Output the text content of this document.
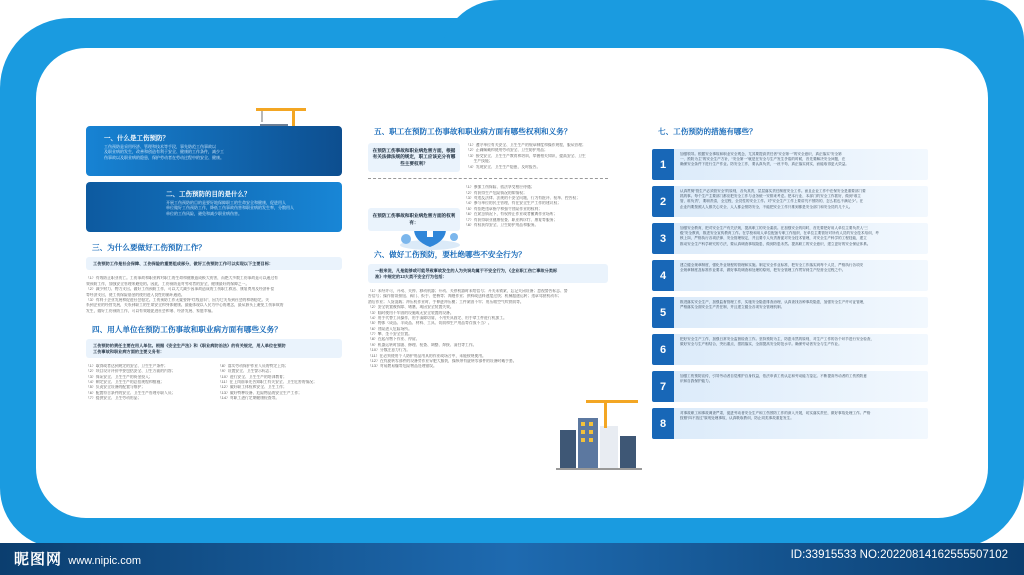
一、什么是工伤预防？
工伤预防是采用经济、管理和技术等手段，事先防范工伤事故以
及职业病的发生，改善和创造有利于安全、健康的工作条件，减少工
伤事故以及职业病的隐患，保护劳动者在劳动过程中的安全、健康。
二、工伤预防的目的是什么？
开展工伤预防的目的是要好地保障职工的生命安全和健康，促进用人
单位做好工伤预防工作，降低工伤事故伤害和职业病的发生率，分散用人
单位的工伤风险，避免和减少职业病伤害。
三、为什么要做好工伤预防工作？
工伤预防工作是社会保障、工伤保险的重要组成部分，做好工伤预防工作可以实现以下主要目标：
（1）有效防止职业伤亡。工伤事故和职业病对职工的生命和健康造成极大伤害，而绝大多数工伤事故是可以通过有
效预防工作，加强安全管理来避免的。因此，工伤预防是对劳动者的安全，健康最好的保障之一。
（2）减少财力、物力支出。做好工伤预防工作，可以大大减少因事故造成的工伤职工救治、康复费用及经济补偿
等经济支出，使工伤保险基金的使用进入良性的循环通道。
（3）有利于企业发展和促进社会稳定。工伤预防工作无疑要将“红线意识”，因为它关系到社会的和谐稳定。关
系到企业的经营发展，关系到职工的生命安全和身体健康。最能体现以人民为中心的理念，最从源头上避免工伤事故的
发生，做好工伤预防工作，可以有效地促进社会和谐、经济发展、家庭幸福。
四、用人单位在预防工伤事故和职业病方面有哪些义务？
工伤预防的责任主要在用人单位。根据《安全生产法》和《职业病防治法》的有关规定，用人单位在预防
工伤事故和职业病方面的主要义务有：
（1）取得或者达到规定的安全、卫生生产条件；
（2）项目设计评价中要包括安全、卫生方面的内容；
（3）保证安全、卫生生产的资金投入；
（4）制定安全、卫生生产的总括规程和措施；
（5）负责安全设备的配置与维护；
（6）配置符合条件的安全、卫生生产管理专职人员；
（7）提供安全、卫生劳动用品；
（8）落实劳动保护作业人员的特定上岗；
（9）设置安全、卫生警示标志；
（10）进行安全、卫生生产的培训教育；
（11）在上岗前事先告知职工有关安全、卫生危害的情况；
（12）做好职工体检和安全、卫生工作；
（13）做好特种设备、危险物品的安全生产工作；
（14）对职工进行定期健康检查等。
五、职工在预防工伤事故和职业病方面有哪些权利和义务？
在预防工伤事故和职业病危害方面，根据有关法律法规的规定，职工应该充分有哪些主要权利？
（1）遵守单位有关安全、卫生生产的规章制度和操作规程，服从管理；
（2）正确佩戴和使用劳动安全、卫生防护用品；
（3）接受安全、卫生生产教育和培训，掌握相关知识，提高安全、卫生
　　生产技能；
（4）发现安全、卫生生产隐患，及时报告。
（1）参加工伤保险、依法享受相应待遇；
（2）有获得生产危险情况的知情权；
（3）对违反法律、法规的不安全问题，行为有批评、检举、控告权；
（4）参与单位的民主管理，有在安全生产工作的建议权；
（5）有拒绝违章指令和强令冒险作业的权利；
（6）在紧急情况下，有权停止作业或者撤离作业场所；
（7）有获得职业健康检查、职业病诊疗、康复等服务；
（8）有权获得安全、卫生防护用品和服务。
在预防工伤事故和职业病危害方面的权利有：
六、做好工伤预防，要杜绝哪些不安全行为？
一般来说，凡是能够或可能导致事故发生的人为失误均属于不安全行为，《企业职工伤亡事故分类标
准》中规定的13大类不安全行为包括：
（1）未经许可，开动、关停、移动机器；开动、关停机器时未给信号；开关未锁紧，忘记关闭设备；忽视警告标志、警
告信号；操作错误按钮、阀门、扳手、把柄等；奔跑作业；供料或送料速度过快；机械超速运转；违章驾驶机动车；
酒后作业；人货混载；冲压机作业时，手伸进冲压模；工件紧固不牢；用压缩空气吹铁屑等。
（2）安全装置被拆除、堵塞，或因安全装置失效。
（3）临时使用不牢固的设施或无安全装置的设备。
（4）用手代替工具操作，用手清除切屑，不用夹具固定、用手拿工件进行机加工。
（5）物体（成品、半成品、材料、工具、切屑和生产用品等存放不当）。
（6）冒险进入危险场所。
（7）攀、坐不安全位置。
（8）在起吊物下作业、停留。
（9）机器运转时加油、修理、检查、调整、焊接、清扫等工作。
（10）分散注意力行为。
（11）在必须使用个人防护用品用具的作业或场合中，未能按规使用。
（12）在有旋转零部件的设备旁作业穿肥大服装，操纵带有旋转零部件的设备时戴手套。
（13）对易燃易爆等危险物品处理错误。
七、工伤预防的措施有哪些？
1
加强领导。根据安全事故和职业安全观念，尤其要提高责任者“安全第一”的安全意识，真正落实“安全第
一、预防为主”的安全生产方针，“安全第一”就是在安全与生产发生矛盾的时候，首先要解决安全问题，在
确保安全条件下进行生产作业。防安全工作，要认真负责，一丝不苟，真正落实到实，而能取得更大效益。
2
认真贯彻“管生产必须管安全”的原则，各负其责，层层落实责任制度安全工作。而且企业工作中在保安全是重要部门要
抓的事。每个生产主要部门都应把安全工作与业务统一安排来考虑。把本行业、本部门的安全工作抓好，做到“谁主
管，谁负责”，要职责清，全过程，全员性的安全工作。对“安全生产工作上要讲究不预防的，怎么抓也不满足少”。在
企业内要按照人人都关心安全、人人都会预防安全，不能把安全工作只推到都是安全部门和安全员的几个人。
3
加强安全教育，把对安全生产有关法规，提高职工的安全素质。在加强安全的同时，首先要把好用人单位主要负责人“三
级”安全教育，推进安全宣传教育工作。在学校和用人单位配备专职工作组织，在单位主要管好对所有人员的安全技术培训，考
核上岗，严格执行各项法律、安全管理规定，并且要专人负责督促对安全技术管理，对安全生产科学的工程技能，建立
推动安全生产科学研究的方法，要认真调查事故隐患，做到防患未然。提高职工的安全意识，建立更好的安全保证体系。
4
建立健全规章制度，强化外业规程的管理和实施。制定安全作业标准，把安全工作落实到每个人员，严格执行各项安
全规章制度及标准作业要求，做好事故调查和处理的原则，把安全管理工作贯穿到生产经营全过程之中。
5
推进落实安全生产，加强监督管理工作，实施安全隐患排查治理，认真查找各种事故隐患，加强安全生产许可证管理，
严格落实全面安全生产责任制，并且建立健全各项安全管理机制。
6
把好安全生产工作，加强日常安全监督检查工作。坚持预防为主，防患未然的原则，对生产工作的各个环节进行安全检查，
做好安全与生产相结合，突出重点，狠抓落实，全面提高安全防范水平。确保劳动者安全与生产作业。
7
加强工伤预防宣传，引导劳动者自觉维护自身权益，依法申请工伤认定和劳动能力鉴定。不断提高劳动者的工伤预防意
识和自我保护能力。
8
对事故职工和事故调查严肃，促进劳动者安全生产和工伤预防工作的深入开展，切实落实责任，做好事故处理工作。严格
按照“四不放过”原则处理事故，认真吸取教训，防止同类事故重复发生。
昵图网 www.nipic.com	ID:33915533 NO:20220814162555507102
